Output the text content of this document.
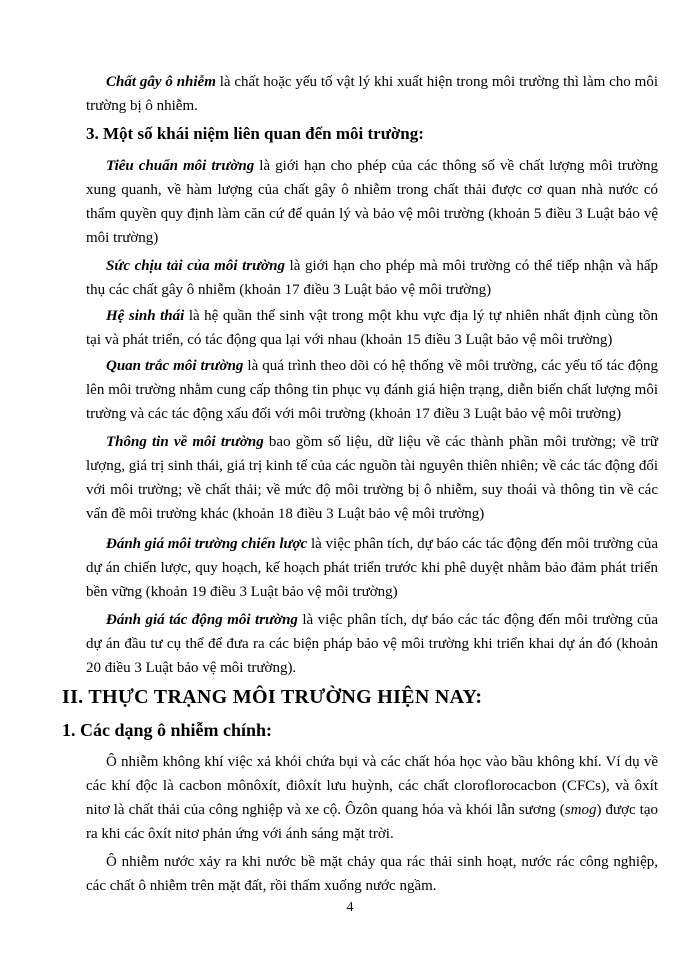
Chất gây ô nhiễm là chất hoặc yếu tố vật lý khi xuất hiện trong môi trường thì làm cho môi trường bị ô nhiễm.

3. Một số khái niệm liên quan đến môi trường:

Tiêu chuẩn môi trường là giới hạn cho phép của các thông số về chất lượng môi trường xung quanh, về hàm lượng của chất gây ô nhiễm trong chất thải được cơ quan nhà nước có thẩm quyền quy định làm căn cứ để quản lý và bảo vệ môi trường (khoản 5 điều 3 Luật bảo vệ môi trường)

Sức chịu tải của môi trường là giới hạn cho phép mà môi trường có thể tiếp nhận và hấp thụ các chất gây ô nhiễm (khoản 17 điều 3 Luật bảo vệ môi trường)

Hệ sinh thái là hệ quần thể sinh vật trong một khu vực địa lý tự nhiên nhất định cùng tồn tại và phát triển, có tác động qua lại với nhau (khoản 15 điều 3 Luật bảo vệ môi trường)

Quan trắc môi trường là quá trình theo dõi có hệ thống về môi trường, các yếu tố tác động lên môi trường nhằm cung cấp thông tin phục vụ đánh giá hiện trạng, diễn biến chất lượng môi trường và các tác động xấu đối với môi trường (khoản 17 điều 3 Luật bảo vệ môi trường)

Thông tin về môi trường bao gồm số liệu, dữ liệu về các thành phần môi trường; về trữ lượng, giá trị sinh thái, giá trị kinh tế của các nguồn tài nguyên thiên nhiên; về các tác động đối với môi trường; về chất thải; về mức độ môi trường bị ô nhiễm, suy thoái và thông tin về các vấn đề môi trường khác (khoản 18 điều 3 Luật bảo vệ môi trường)

Đánh giá môi trường chiến lược là việc phân tích, dự báo các tác động đến môi trường của dự án chiến lược, quy hoạch, kế hoạch phát triển trước khi phê duyệt nhằm bảo đảm phát triển bền vững (khoản 19 điều 3 Luật bảo vệ môi trường)

Đánh giá tác động môi trường là việc phân tích, dự báo các tác động đến môi trường của dự án đầu tư cụ thể để đưa ra các biện pháp bảo vệ môi trường khi triển khai dự án đó (khoản 20 điều 3 Luật bảo vệ môi trường).

II. THỰC TRẠNG MÔI TRƯỜNG HIỆN NAY:
1. Các dạng ô nhiễm chính:

Ô nhiễm không khí việc xả khói chứa bụi và các chất hóa học vào bầu không khí. Ví dụ về các khí độc là cacbon mônôxít, điôxít lưu huỳnh, các chất cloroflorocacbon (CFCs), và ôxít nitơ là chất thải của công nghiệp và xe cộ. Ôzôn quang hóa và khói lẫn sương (smog) được tạo ra khi các ôxít nitơ phản ứng với ánh sáng mặt trời.

Ô nhiễm nước xảy ra khi nước bề mặt chảy qua rác thải sinh hoạt, nước rác công nghiệp, các chất ô nhiễm trên mặt đất, rồi thấm xuống nước ngầm.

4
